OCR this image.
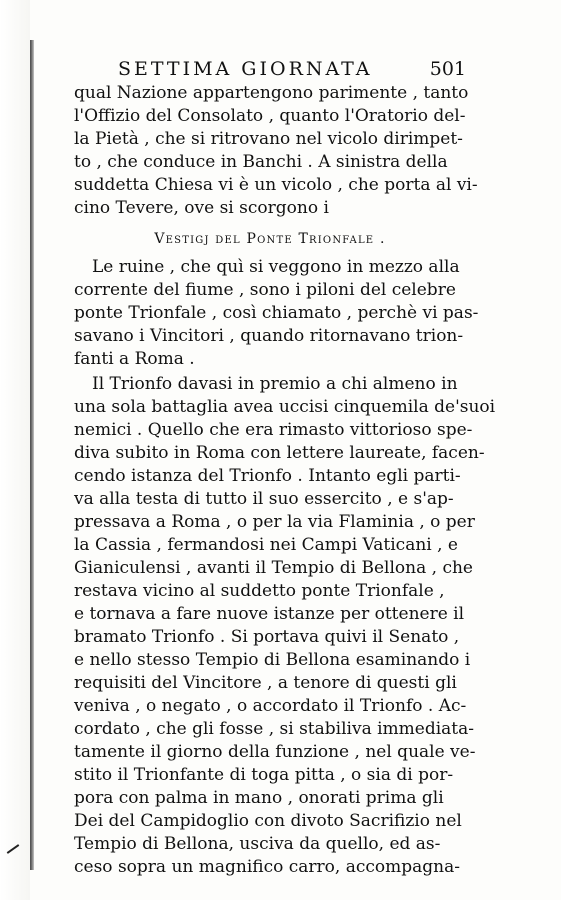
SETTIMA GIORNATA	501
qual Nazione appartengono parimente , tanto
l'Offizio del Consolato , quanto l'Oratorio del-
la Pietà , che si ritrovano nel vicolo dirimpet-
to , che conduce in Banchi . A sinistra della
suddetta Chiesa vi è un vicolo , che porta al vi-
cino Tevere, ove si scorgono i
Vestigj del Ponte Trionfale .
Le ruine , che quì si veggono in mezzo alla
corrente del fiume , sono i piloni del celebre
ponte Trionfale , così chiamato , perchè vi pas-
savano i Vincitori , quando ritornavano trion-
fanti a Roma .
Il Trionfo davasi in premio a chi almeno in
una sola battaglia avea uccisi cinquemila de'suoi
nemici . Quello che era rimasto vittorioso spe-
diva subito in Roma con lettere laureate, facen-
cendo istanza del Trionfo . Intanto egli parti-
va alla testa di tutto il suo essercito , e s'ap-
pressava a Roma , o per la via Flaminia , o per
la Cassia , fermandosi nei Campi Vaticani , e
Gianiculensi , avanti il Tempio di Bellona , che
restava vicino al suddetto ponte Trionfale ,
e tornava a fare nuove istanze per ottenere il
bramato Trionfo . Si portava quivi il Senato ,
e nello stesso Tempio di Bellona esaminando i
requisiti del Vincitore , a tenore di questi gli
veniva , o negato , o accordato il Trionfo . Ac-
cordato , che gli fosse , si stabiliva immediata-
tamente il giorno della funzione , nel quale ve-
stito il Trionfante di toga pitta , o sia di por-
pora con palma in mano , onorati prima gli
Dei del Campidoglio con divoto Sacrifizio nel
Tempio di Bellona, usciva da quello, ed as-
ceso sopra un magnifico carro, accompagna-
